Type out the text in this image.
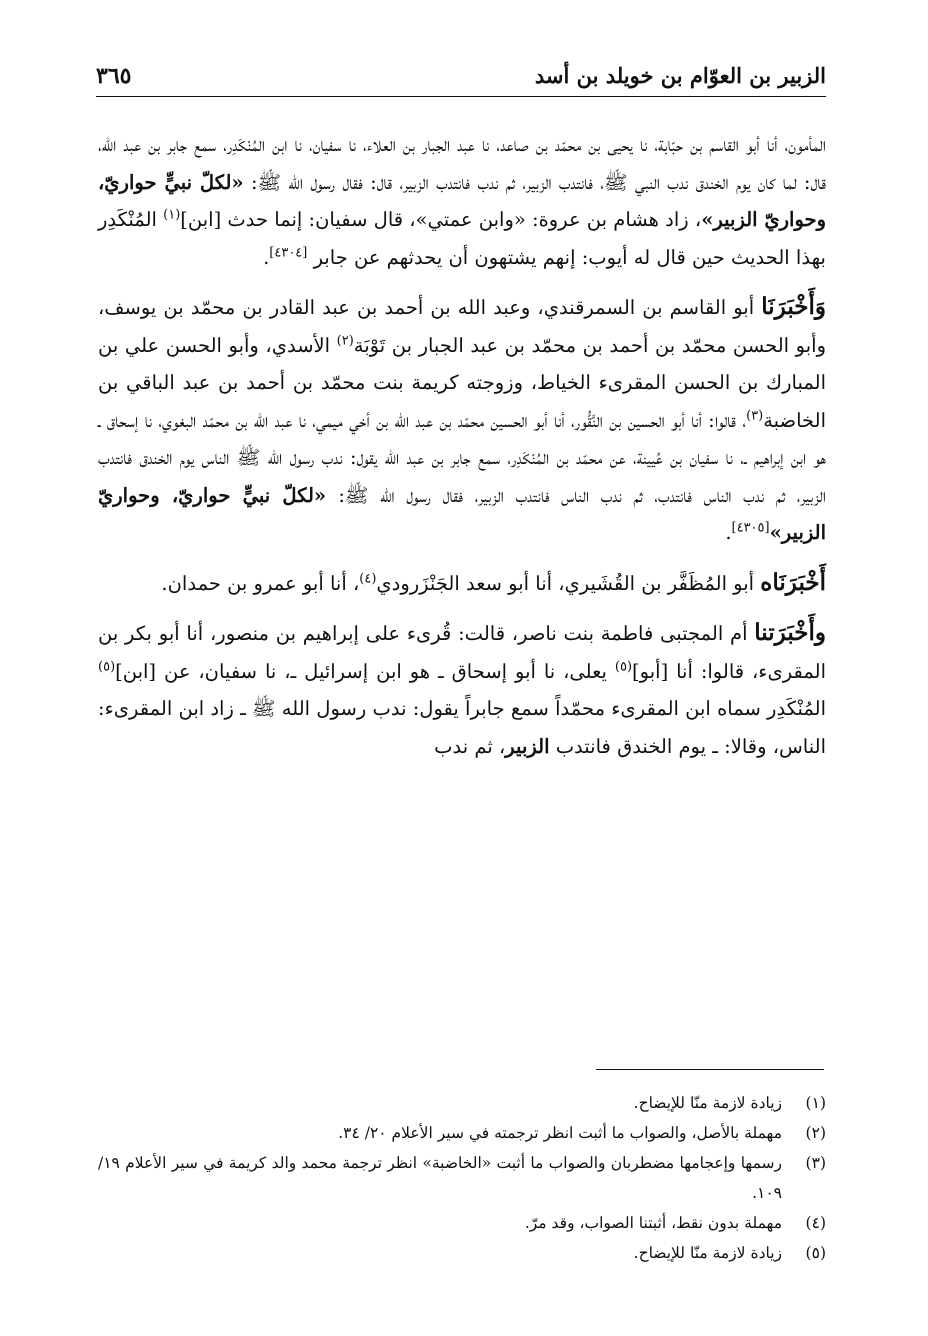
الزبير بن العوّام بن خويلد بن أسد
٣٦٥

المأمون، أنا أبو القاسم بن حبّابة، نا يحيى بن محمّد بن صاعد، نا عبد الجبار بن العلاء، نا سفيان، نا ابن المُنْكَدِر، سمع جابر بن عبد الله، قال: لما كان يوم الخندق ندب النبي ﷺ، فانتدب الزبير، ثم ندب فانتدب الزبير، قال: فقال رسول الله ﷺ: «لكلّ نبيٍّ حواريّ، وحواريّ الزبير»، زاد هشام بن عروة: «وابن عمتي»، قال سفيان: إنما حدث [ابن]$^{(١)}$ المُنْكَدِر بهذا الحديث حين قال له أيوب: إنهم يشتهون أن يحدثهم عن جابر [٤٣٠٤].

وَأَخْبَرَنَا أبو القاسم بن السمرقندي، وعبد الله بن أحمد بن عبد القادر بن محمّد بن يوسف، وأبو الحسن محمّد بن أحمد بن محمّد بن عبد الجبار بن تَوْبَة$^{(٢)}$ الأسدي، وأبو الحسن علي بن المبارك بن الحسن المقرىء الخياط، وزوجته كريمة بنت محمّد بن أحمد بن عبد الباقي بن الخاضبة$^{(٣)}$، قالوا: أنا أبو الحسين بن النَّقُّور، أنا أبو الحسين محمّد بن عبد الله بن أخي ميمي، نا عبد الله بن محمّد البغوي، نا إسحاق ـ هو ابن إبراهيم ـ، نا سفيان بن عُيينة، عن محمّد بن المُنْكَدِر، سمع جابر بن عبد الله يقول: ندب رسول الله ﷺ الناس يوم الخندق فانتدب الزبير، ثم ندب الناس فانتدب، ثم ندب الناس فانتدب الزبير، فقال رسول الله ﷺ: «لكلّ نبيٍّ حواريّ، وحواريّ الزبير»[٤٣٠٥].

أَخْبَرَنَاه أبو المُظَفَّر بن القُشَيري، أنا أبو سعد الجَنْزَرودي$^{(٤)}$، أنا أبو عمرو بن حمدان.

وأَخْبَرَتنا أم المجتبى فاطمة بنت ناصر، قالت: قُرىء على إبراهيم بن منصور، أنا أبو بكر بن المقرىء، قالوا: أنا [أبو]$^{(٥)}$ يعلى، نا أبو إسحاق ـ هو ابن إسرائيل ـ، نا سفيان، عن [ابن]$^{(٥)}$ المُنْكَدِر سماه ابن المقرىء محمّداً سمع جابراً يقول: ندب رسول الله ﷺ ـ زاد ابن المقرىء: الناس، وقالا: ـ يوم الخندق فانتدب الزبير، ثم ندب

(١)
زيادة لازمة منّا للإيضاح.
(٢)
مهملة بالأصل، والصواب ما أثبت انظر ترجمته في سير الأعلام ٢٠/ ٣٤.
(٣)
رسمها وإعجامها مضطربان والصواب ما أثبت «الخاضبة» انظر ترجمة محمد والد كريمة في سير الأعلام ١٩/ ١٠٩.
(٤)
مهملة بدون نقط، أثبتنا الصواب، وقد مرّ.
(٥)
زيادة لازمة منّا للإيضاح.
